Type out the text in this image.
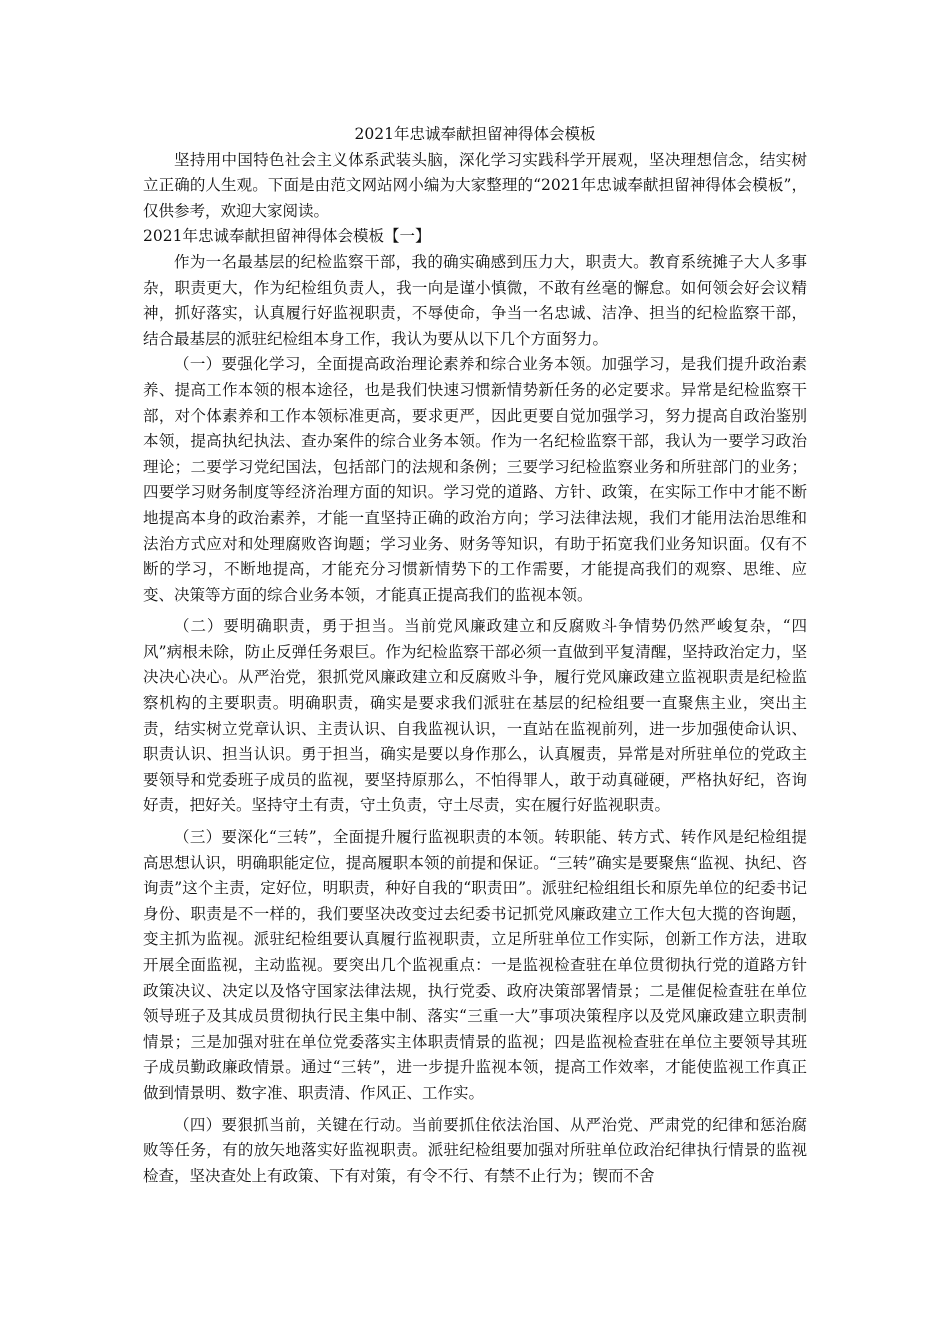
2021年忠诚奉献担留神得体会模板

坚持用中国特色社会主义体系武装头脑，深化学习实践科学开展观，坚决理想信念，结实树立正确的人生观。下面是由范文网站网小编为大家整理的“2021年忠诚奉献担留神得体会模板”，仅供参考，欢迎大家阅读。

2021年忠诚奉献担留神得体会模板【一】

作为一名最基层的纪检监察干部，我的确实确感到压力大，职责大。教育系统摊子大人多事杂，职责更大，作为纪检组负责人，我一向是谨小慎微，不敢有丝毫的懈怠。如何领会好会议精神，抓好落实，认真履行好监视职责，不辱使命，争当一名忠诚、洁净、担当的纪检监察干部，结合最基层的派驻纪检组本身工作，我认为要从以下几个方面努力。

（一）要强化学习，全面提高政治理论素养和综合业务本领。加强学习，是我们提升政治素养、提高工作本领的根本途径，也是我们快速习惯新情势新任务的必定要求。异常是纪检监察干部，对个体素养和工作本领标准更高，要求更严，因此更要自觉加强学习，努力提高自政治鉴别本领，提高执纪执法、查办案件的综合业务本领。作为一名纪检监察干部，我认为一要学习政治理论；二要学习党纪国法，包括部门的法规和条例；三要学习纪检监察业务和所驻部门的业务；四要学习财务制度等经济治理方面的知识。学习党的道路、方针、政策，在实际工作中才能不断地提高本身的政治素养，才能一直坚持正确的政治方向；学习法律法规，我们才能用法治思维和法治方式应对和处理腐败咨询题；学习业务、财务等知识，有助于拓宽我们业务知识面。仅有不断的学习，不断地提高，才能充分习惯新情势下的工作需要，才能提高我们的观察、思维、应变、决策等方面的综合业务本领，才能真正提高我们的监视本领。

（二）要明确职责，勇于担当。当前党风廉政建立和反腐败斗争情势仍然严峻复杂，“四风”病根未除，防止反弹任务艰巨。作为纪检监察干部必须一直做到平复清醒，坚持政治定力，坚决决心决心。从严治党，狠抓党风廉政建立和反腐败斗争，履行党风廉政建立监视职责是纪检监察机构的主要职责。明确职责，确实是要求我们派驻在基层的纪检组要一直聚焦主业，突出主责，结实树立党章认识、主责认识、自我监视认识，一直站在监视前列，进一步加强使命认识、职责认识、担当认识。勇于担当，确实是要以身作那么，认真履责，异常是对所驻单位的党政主要领导和党委班子成员的监视，要坚持原那么，不怕得罪人，敢于动真碰硬，严格执好纪，咨询好责，把好关。坚持守土有责，守土负责，守土尽责，实在履行好监视职责。

（三）要深化“三转”，全面提升履行监视职责的本领。转职能、转方式、转作风是纪检组提高思想认识，明确职能定位，提高履职本领的前提和保证。“三转”确实是要聚焦“监视、执纪、咨询责”这个主责，定好位，明职责，种好自我的“职责田”。派驻纪检组组长和原先单位的纪委书记身份、职责是不一样的，我们要坚决改变过去纪委书记抓党风廉政建立工作大包大揽的咨询题，变主抓为监视。派驻纪检组要认真履行监视职责，立足所驻单位工作实际，创新工作方法，进取开展全面监视，主动监视。要突出几个监视重点：一是监视检查驻在单位贯彻执行党的道路方针政策决议、决定以及恪守国家法律法规，执行党委、政府决策部署情景；二是催促检查驻在单位领导班子及其成员贯彻执行民主集中制、落实“三重一大”事项决策程序以及党风廉政建立职责制情景；三是加强对驻在单位党委落实主体职责情景的监视；四是监视检查驻在单位主要领导其班子成员勤政廉政情景。通过“三转”，进一步提升监视本领，提高工作效率，才能使监视工作真正做到情景明、数字准、职责清、作风正、工作实。

（四）要狠抓当前，关键在行动。当前要抓住依法治国、从严治党、严肃党的纪律和惩治腐败等任务，有的放矢地落实好监视职责。派驻纪检组要加强对所驻单位政治纪律执行情景的监视检查，坚决查处上有政策、下有对策，有令不行、有禁不止行为；锲而不舍
